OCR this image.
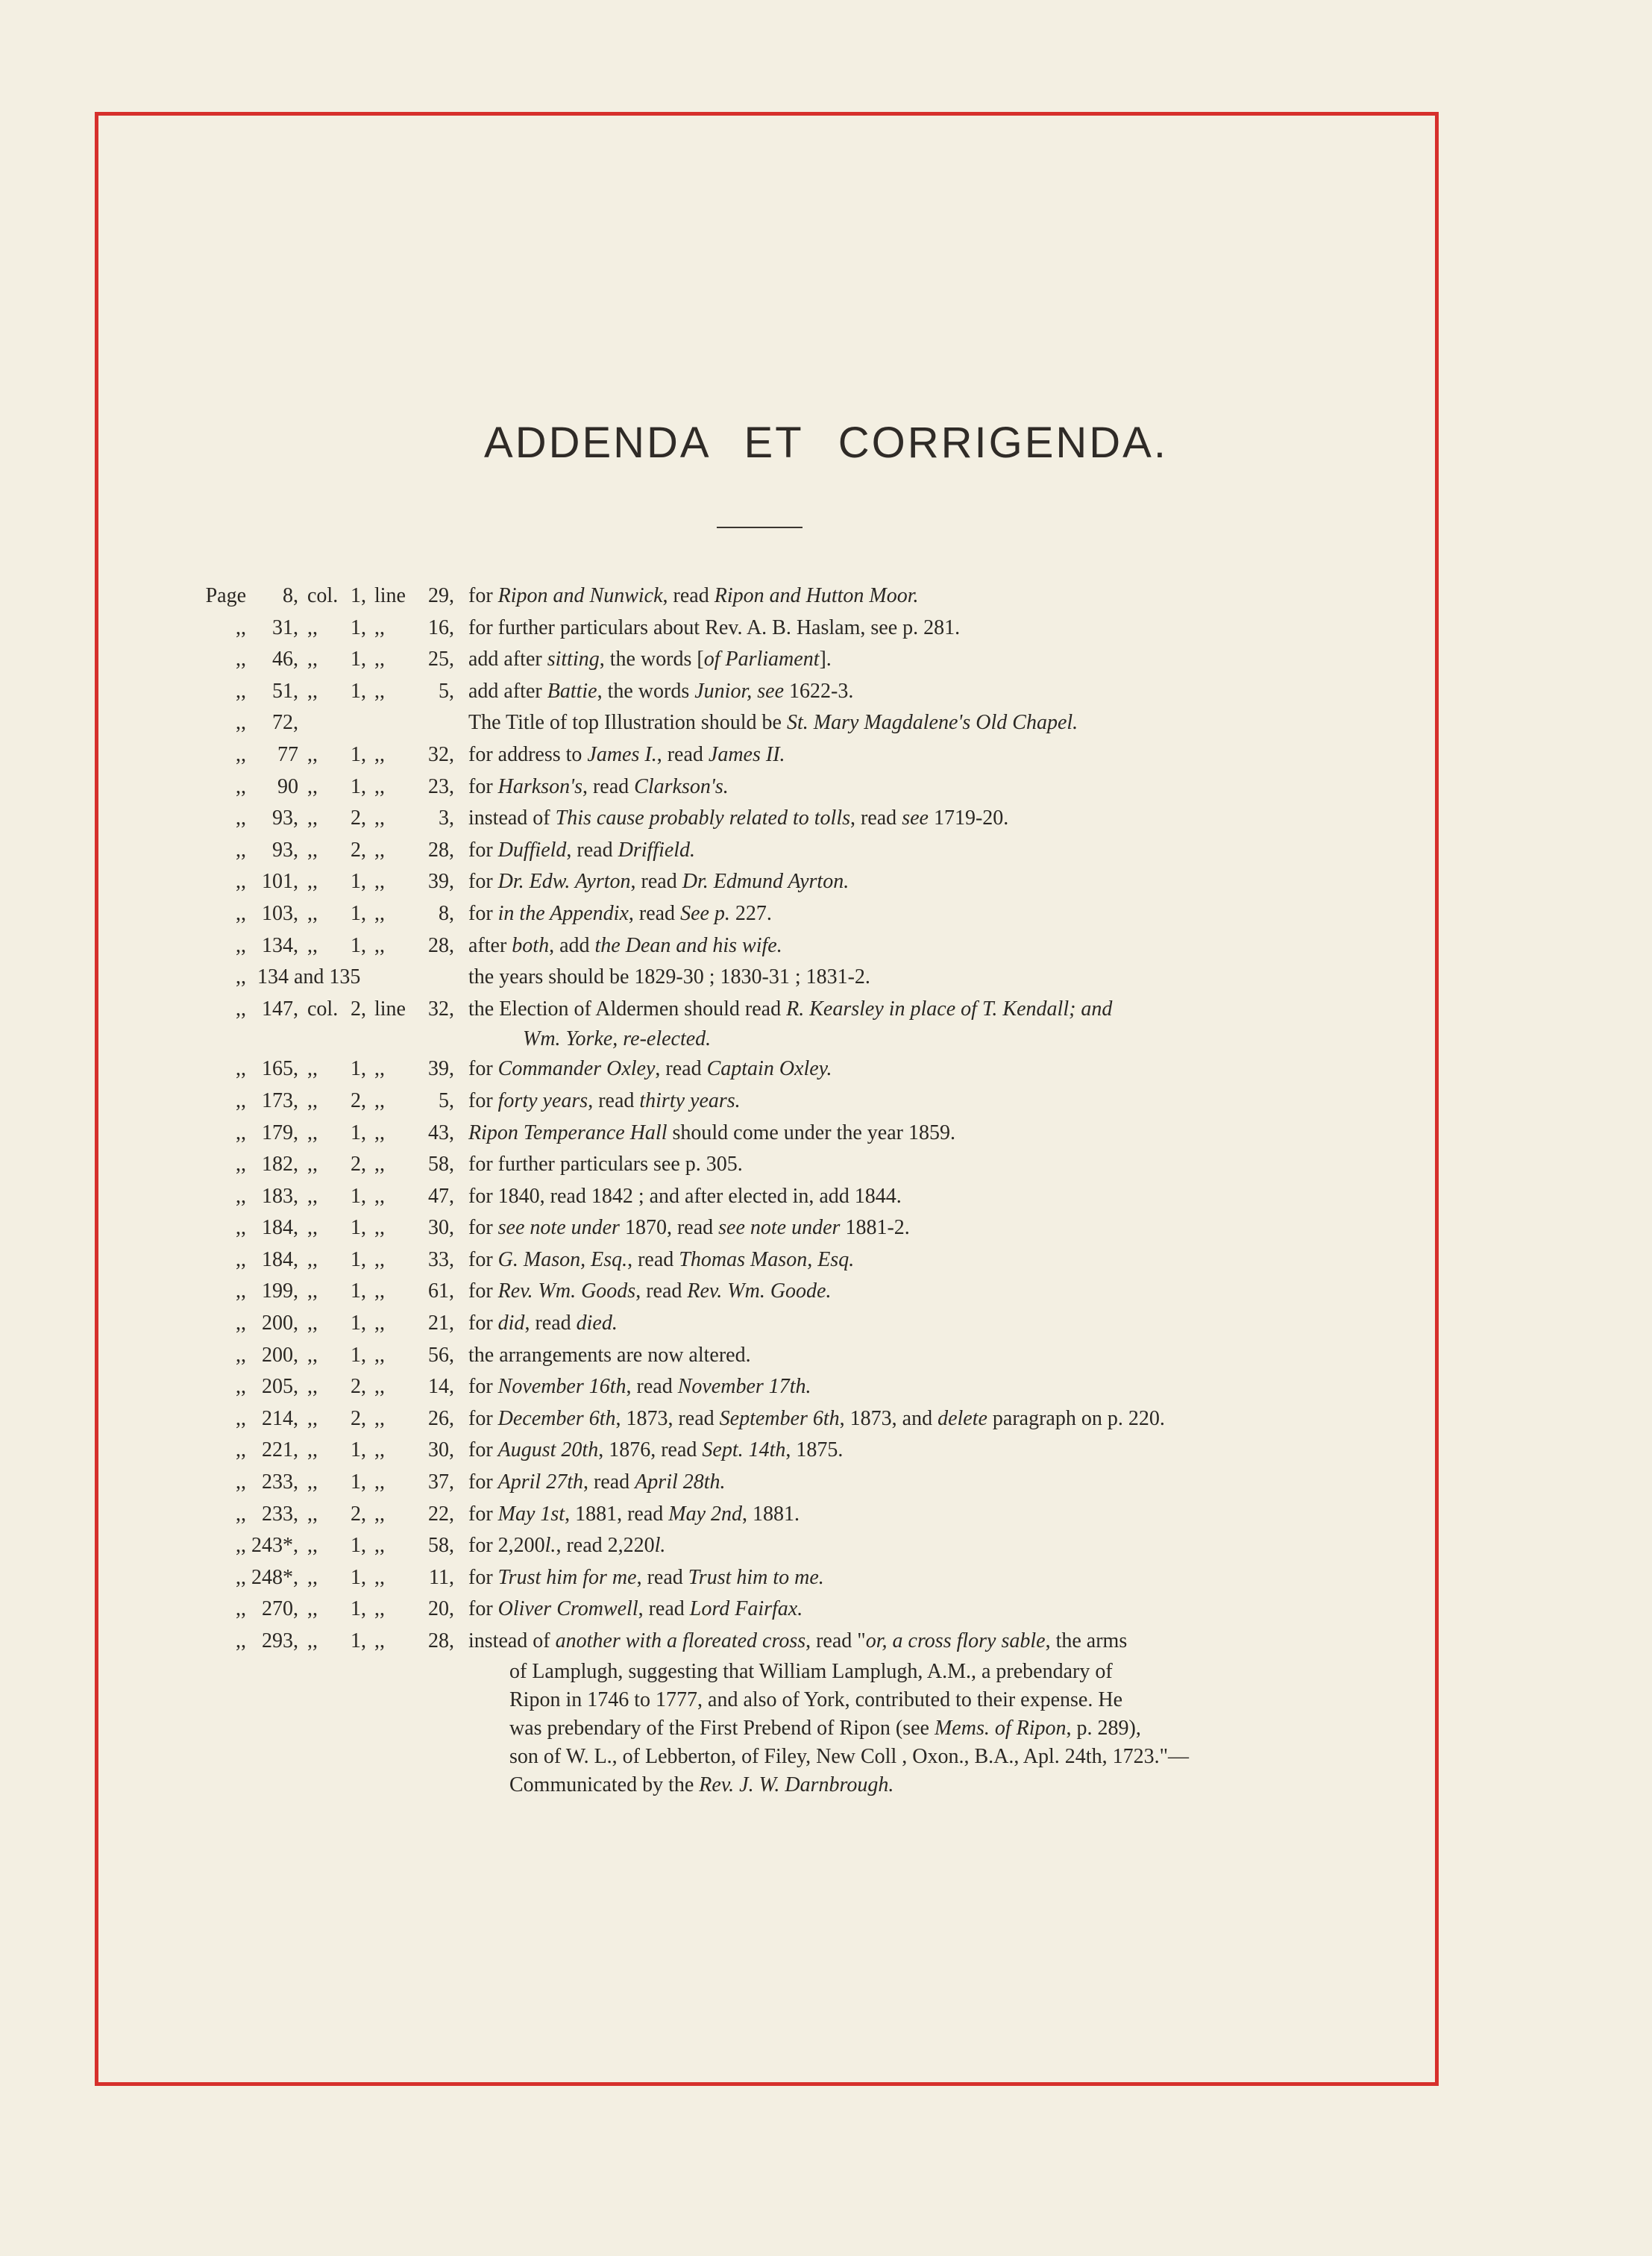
ADDENDA ET CORRIGENDA.
Page 8, col. 1, line 29, for Ripon and Nunwick, read Ripon and Hutton Moor.
,, 31, ,, 1, ,, 16, for further particulars about Rev. A. B. Haslam, see p. 281.
,, 46, ,, 1, ,, 25, add after sitting, the words [of Parliament].
,, 51, ,, 1, ,,	5, add after Battie, the words Junior, see 1622-3.
,, 72,	The Title of top Illustration should be St. Mary Magdalene's Old Chapel.
,, 77 ,, 1, ,, 32, for address to James I., read James II.
,, 90 ,, 1, ,, 23, for Harkson's, read Clarkson's.
,, 93, ,, 2, ,,	3, instead of This cause probably related to tolls, read see 1719-20.
,, 93, ,, 2, ,, 28, for Duffield, read Driffield.
,, 101, ,, 1, ,, 39, for Dr. Edw. Ayrton, read Dr. Edmund Ayrton.
,, 103, ,, 1, ,,	8, for in the Appendix, read See p. 227.
,, 134, ,, 1, ,, 28, after both, add the Dean and his wife.
,, 134 and 135	the years should be 1829-30 ; 1830-31 ; 1831-2.
,, 147, col. 2, line 32, the Election of Aldermen should read R. Kearsley in place of T. Kendall; and
Wm. Yorke, re-elected.
,, 165, ,, 1, ,, 39, for Commander Oxley, read Captain Oxley.
,, 173, ,, 2, ,,	5, for forty years, read thirty years.
,, 179, ,, 1, ,, 43, Ripon Temperance Hall should come under the year 1859.
,, 182, ,, 2, ,, 58, for further particulars see p. 305.
,, 183, ,, 1, ,, 47, for 1840, read 1842 ; and after elected in, add 1844.
,, 184, ,, 1, ,, 30, for see note under 1870, read see note under 1881-2.
,, 184, ,, 1, ,, 33, for G. Mason, Esq., read Thomas Mason, Esq.
,, 199, ,, 1, ,, 61, for Rev. Wm. Goods, read Rev. Wm. Goode.
,, 200, ,, 1, ,, 21, for did, read died.
,, 200, ,, 1, ,, 56, the arrangements are now altered.
,, 205, ,, 2, ,, 14, for November 16th, read November 17th.
,, 214, ,, 2, ,, 26, for December 6th, 1873, read September 6th, 1873, and delete paragraph on p. 220.
,, 221, ,, 1, ,, 30, for August 20th, 1876, read Sept. 14th, 1875.
,, 233, ,, 1, ,, 37, for April 27th, read April 28th.
,, 233, ,, 2, ,, 22, for May 1st, 1881, read May 2nd, 1881.
,, 243*, ,, 1, ,, 58, for 2,200l., read 2,220l.
,, 248*, ,, 1, ,, 11, for Trust him for me, read Trust him to me.
,, 270, ,, 1, ,, 20, for Oliver Cromwell, read Lord Fairfax.
,, 293, ,, 1, ,, 28, instead of another with a floreated cross, read "or, a cross flory sable, the arms
of Lamplugh, suggesting that William Lamplugh, A.M., a prebendary of
Ripon in 1746 to 1777, and also of York, contributed to their expense. He
was prebendary of the First Prebend of Ripon (see Mems. of Ripon, p. 289),
son of W. L., of Lebberton, of Filey, New Coll , Oxon., B.A., Apl. 24th, 1723."—
Communicated by the Rev. J. W. Darnbrough.
